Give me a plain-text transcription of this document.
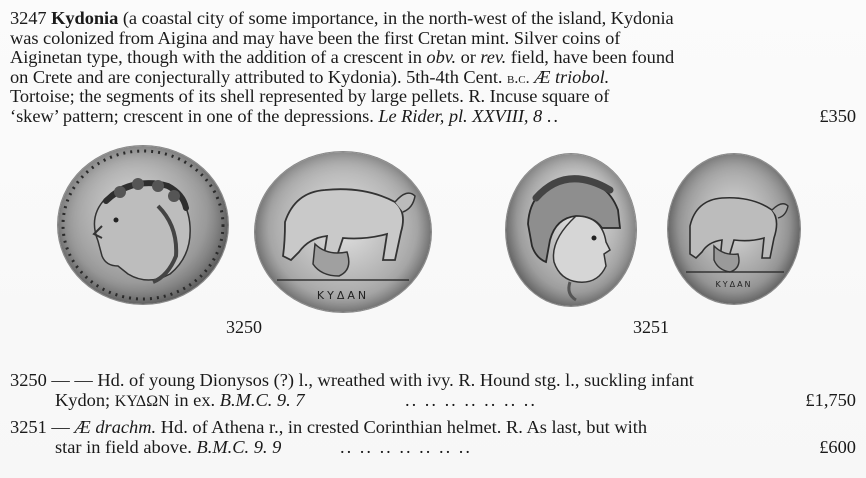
3247 Kydonia (a coastal city of some importance, in the north-west of the island, Kydonia
was colonized from Aigina and may have been the first Cretan mint. Silver coins of
Aiginetan type, though with the addition of a crescent in obv. or rev. field, have been found
on Crete and are conjecturally attributed to Kydonia). 5th-4th Cent. b.c. Æ triobol.
Tortoise; the segments of its shell represented by large pellets. R. Incuse square of
‘skew’ pattern; crescent in one of the depressions. Le Rider, pl. XXVIII, 8 ..	£350
ΚΥΔΑΝ
ΚΥΔΑΝ
3250	3251
3250 — — Hd. of young Dionysos (?) l., wreathed with ivy. R. Hound stg. l., suckling infant
Kydon; ΚΥΔΩΝ in ex. B.M.C. 9. 7	.. .. .. .. .. .. ..	£1,750
3251 — Æ drachm. Hd. of Athena r., in crested Corinthian helmet. R. As last, but with
star in field above. B.M.C. 9. 9	.. .. .. .. .. .. ..	£600
